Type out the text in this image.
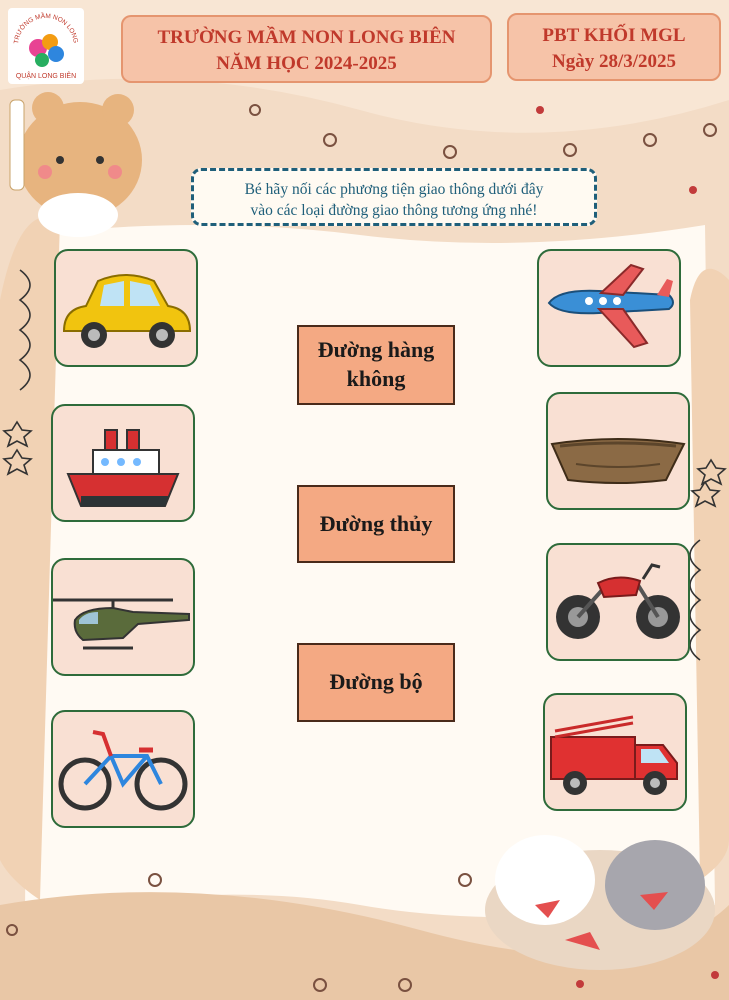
TRƯỜNG MẦM NON LONG
QUẬN LONG BIÊN
TRƯỜNG MẦM NON LONG BIÊN
NĂM HỌC 2024-2025
PBT KHỐI MGL
Ngày 28/3/2025
Bé hãy nối các phương tiện giao thông dưới đây
vào các loại đường giao thông tương ứng nhé!
Đường hàng không
Đường thủy
Đường bộ
